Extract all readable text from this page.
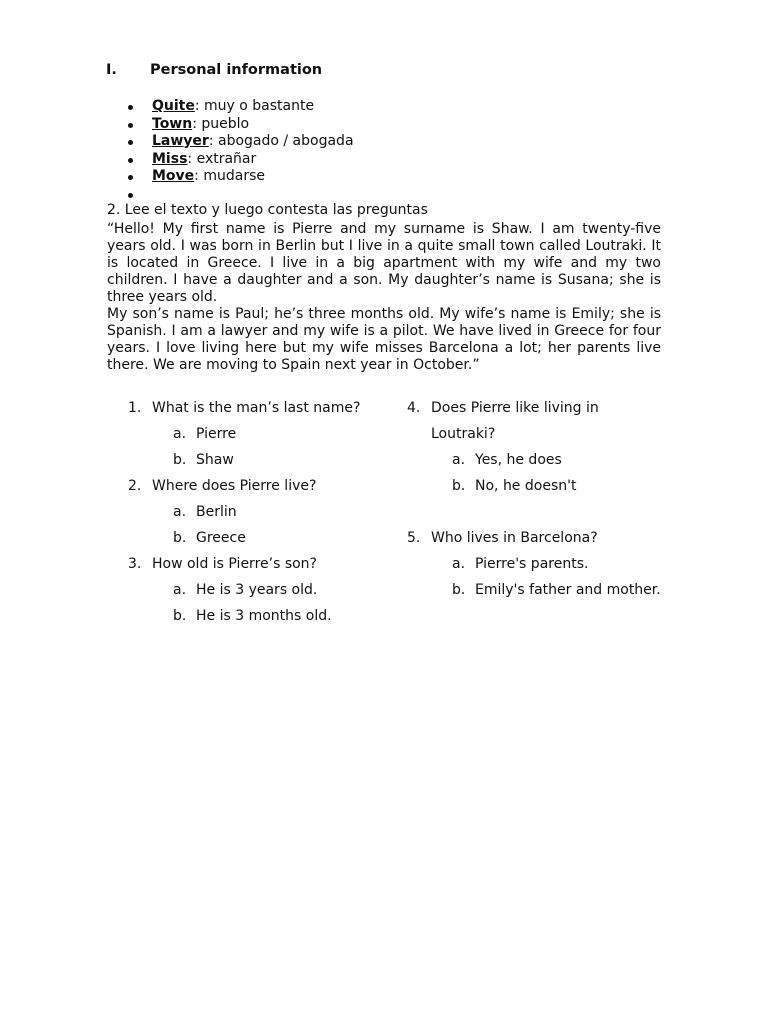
I.	Personal information
Quite: muy o bastante
Town: pueblo
Lawyer: abogado / abogada
Miss: extrañar
Move: mudarse
2. Lee el texto y luego contesta las preguntas

“Hello! My first name is Pierre and my surname is Shaw. I am twenty-five years old. I was born in Berlin but I live in a quite small town called Loutraki. It is located in Greece. I live in a big apartment with my wife and my two children. I have a daughter and a son. My daughter’s name is Susana; she is three years old.

My son’s name is Paul; he’s three months old. My wife’s name is Emily; she is Spanish. I am a lawyer and my wife is a pilot. We have lived in Greece for four years. I love living here but my wife misses Barcelona a lot; her parents live there. We are moving to Spain next year in October.”

1. What is the man’s last name?
a. Pierre
b. Shaw
2. Where does Pierre live?
a. Berlin
b. Greece
3. How old is Pierre’s son?
a. He is 3 years old.
b. He is 3 months old.
4. Does Pierre like living in Loutraki?
a. Yes, he does
b. No, he doesn't
5. Who lives in Barcelona?
a. Pierre's parents.
b. Emily's father and mother.
